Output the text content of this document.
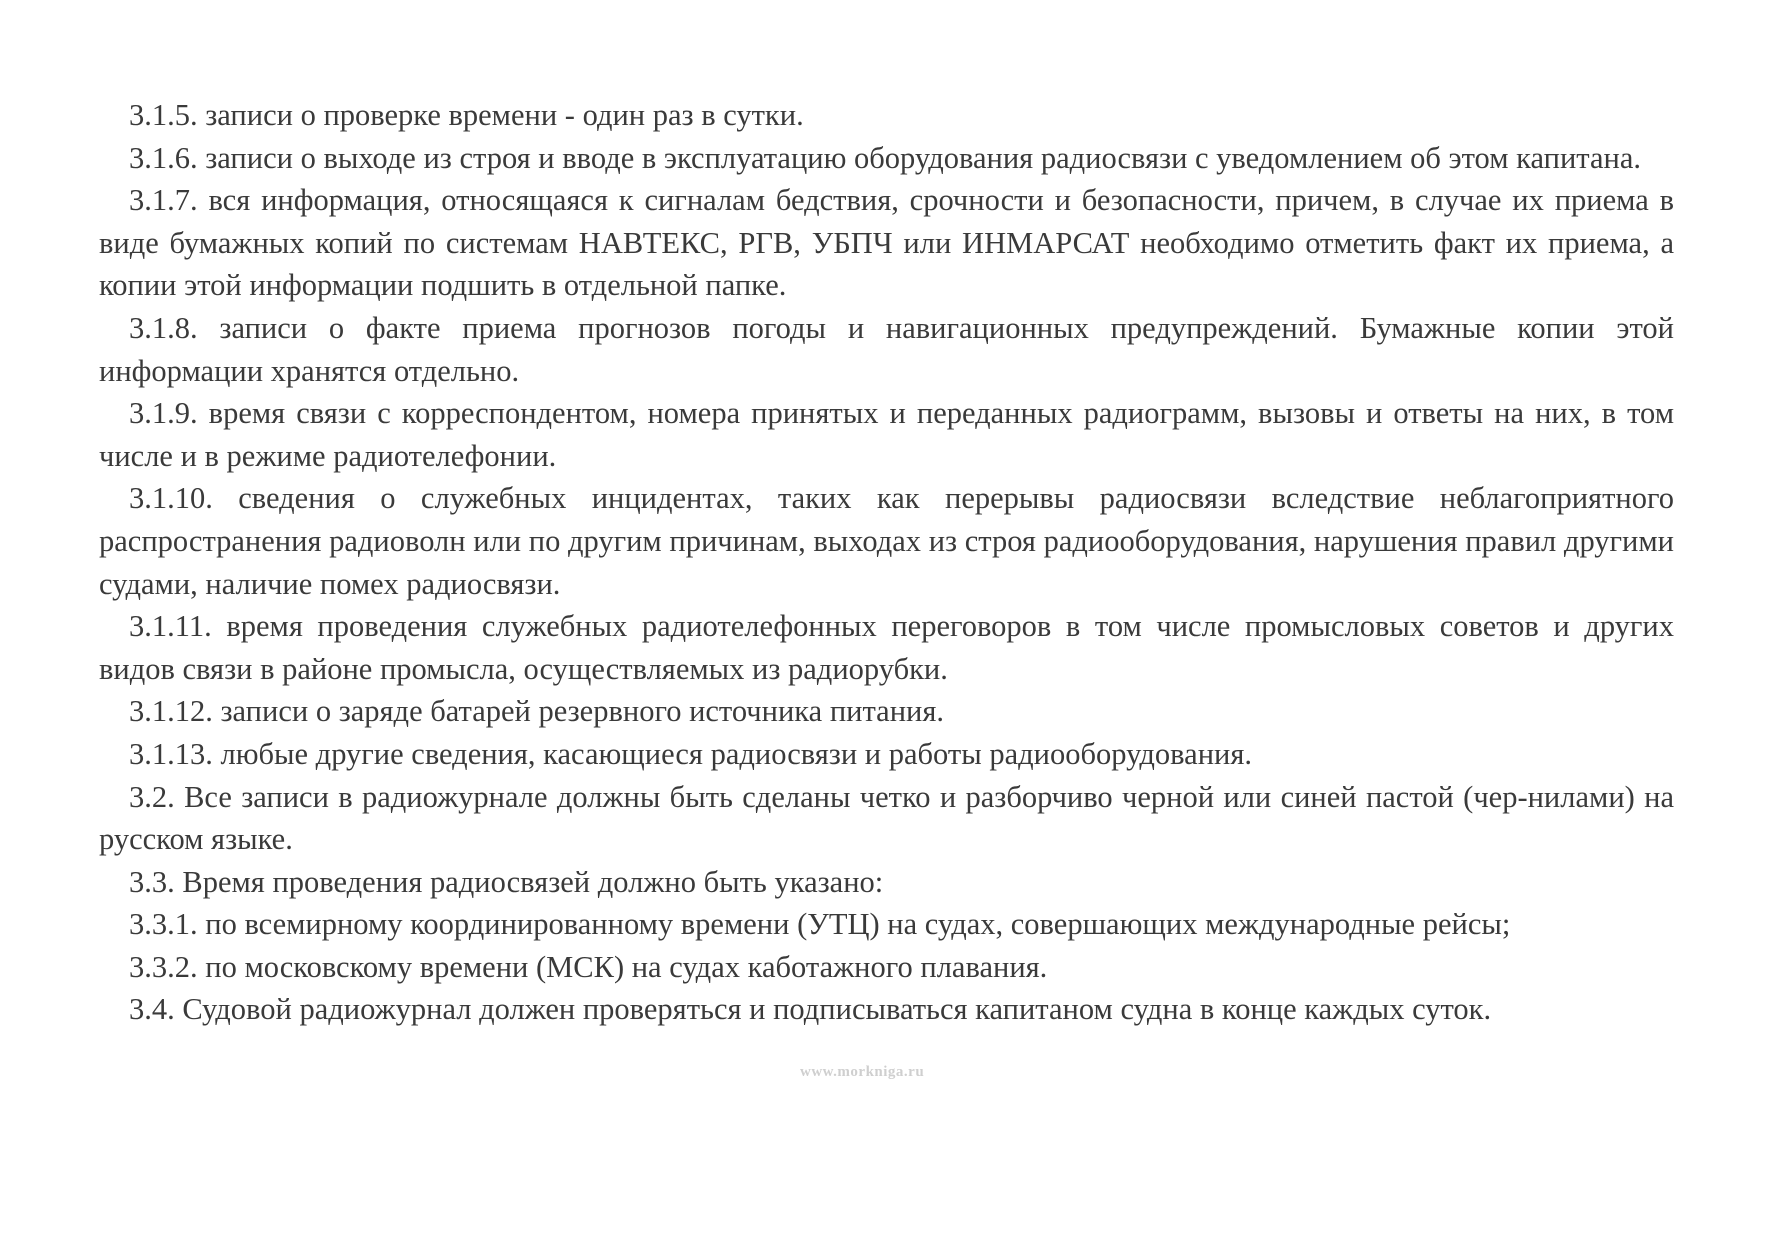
3.1.5. записи о проверке времени - один раз в сутки.

3.1.6. записи о выходе из строя и вводе в эксплуатацию оборудования радиосвязи с уведомлением об этом капитана.

3.1.7. вся информация, относящаяся к сигналам бедствия, срочности и безопасности, причем, в случае их приема в виде бумажных копий по системам НАВТЕКС, РГВ, УБПЧ или ИНМАРСАТ необходимо отметить факт их приема, а копии этой информации подшить в отдельной папке.

3.1.8. записи о факте приема прогнозов погоды и навигационных предупреждений. Бумажные копии этой информации хранятся отдельно.

3.1.9. время связи с корреспондентом, номера принятых и переданных радиограмм, вызовы и ответы на них, в том числе и в режиме радиотелефонии.

3.1.10. сведения о служебных инцидентах, таких как перерывы радиосвязи вследствие неблагоприятного распространения радиоволн или по другим причинам, выходах из строя радиооборудования, нарушения правил другими судами, наличие помех радиосвязи.

3.1.11. время проведения служебных радиотелефонных переговоров в том числе промысловых советов и других видов связи в районе промысла, осуществляемых из радиорубки.

3.1.12. записи о заряде батарей резервного источника питания.

3.1.13. любые другие сведения, касающиеся радиосвязи и работы радиооборудования.

3.2. Все записи в радиожурнале должны быть сделаны четко и разборчиво черной или синей пастой (чер-нилами) на русском языке.

3.3. Время проведения радиосвязей должно быть указано:

3.3.1. по всемирному координированному времени (УТЦ) на судах, совершающих международные рейсы;

3.3.2. по московскому времени (МСК) на судах каботажного плавания.

3.4. Судовой радиожурнал должен проверяться и подписываться капитаном судна в конце каждых суток.

www.morkniga.ru
